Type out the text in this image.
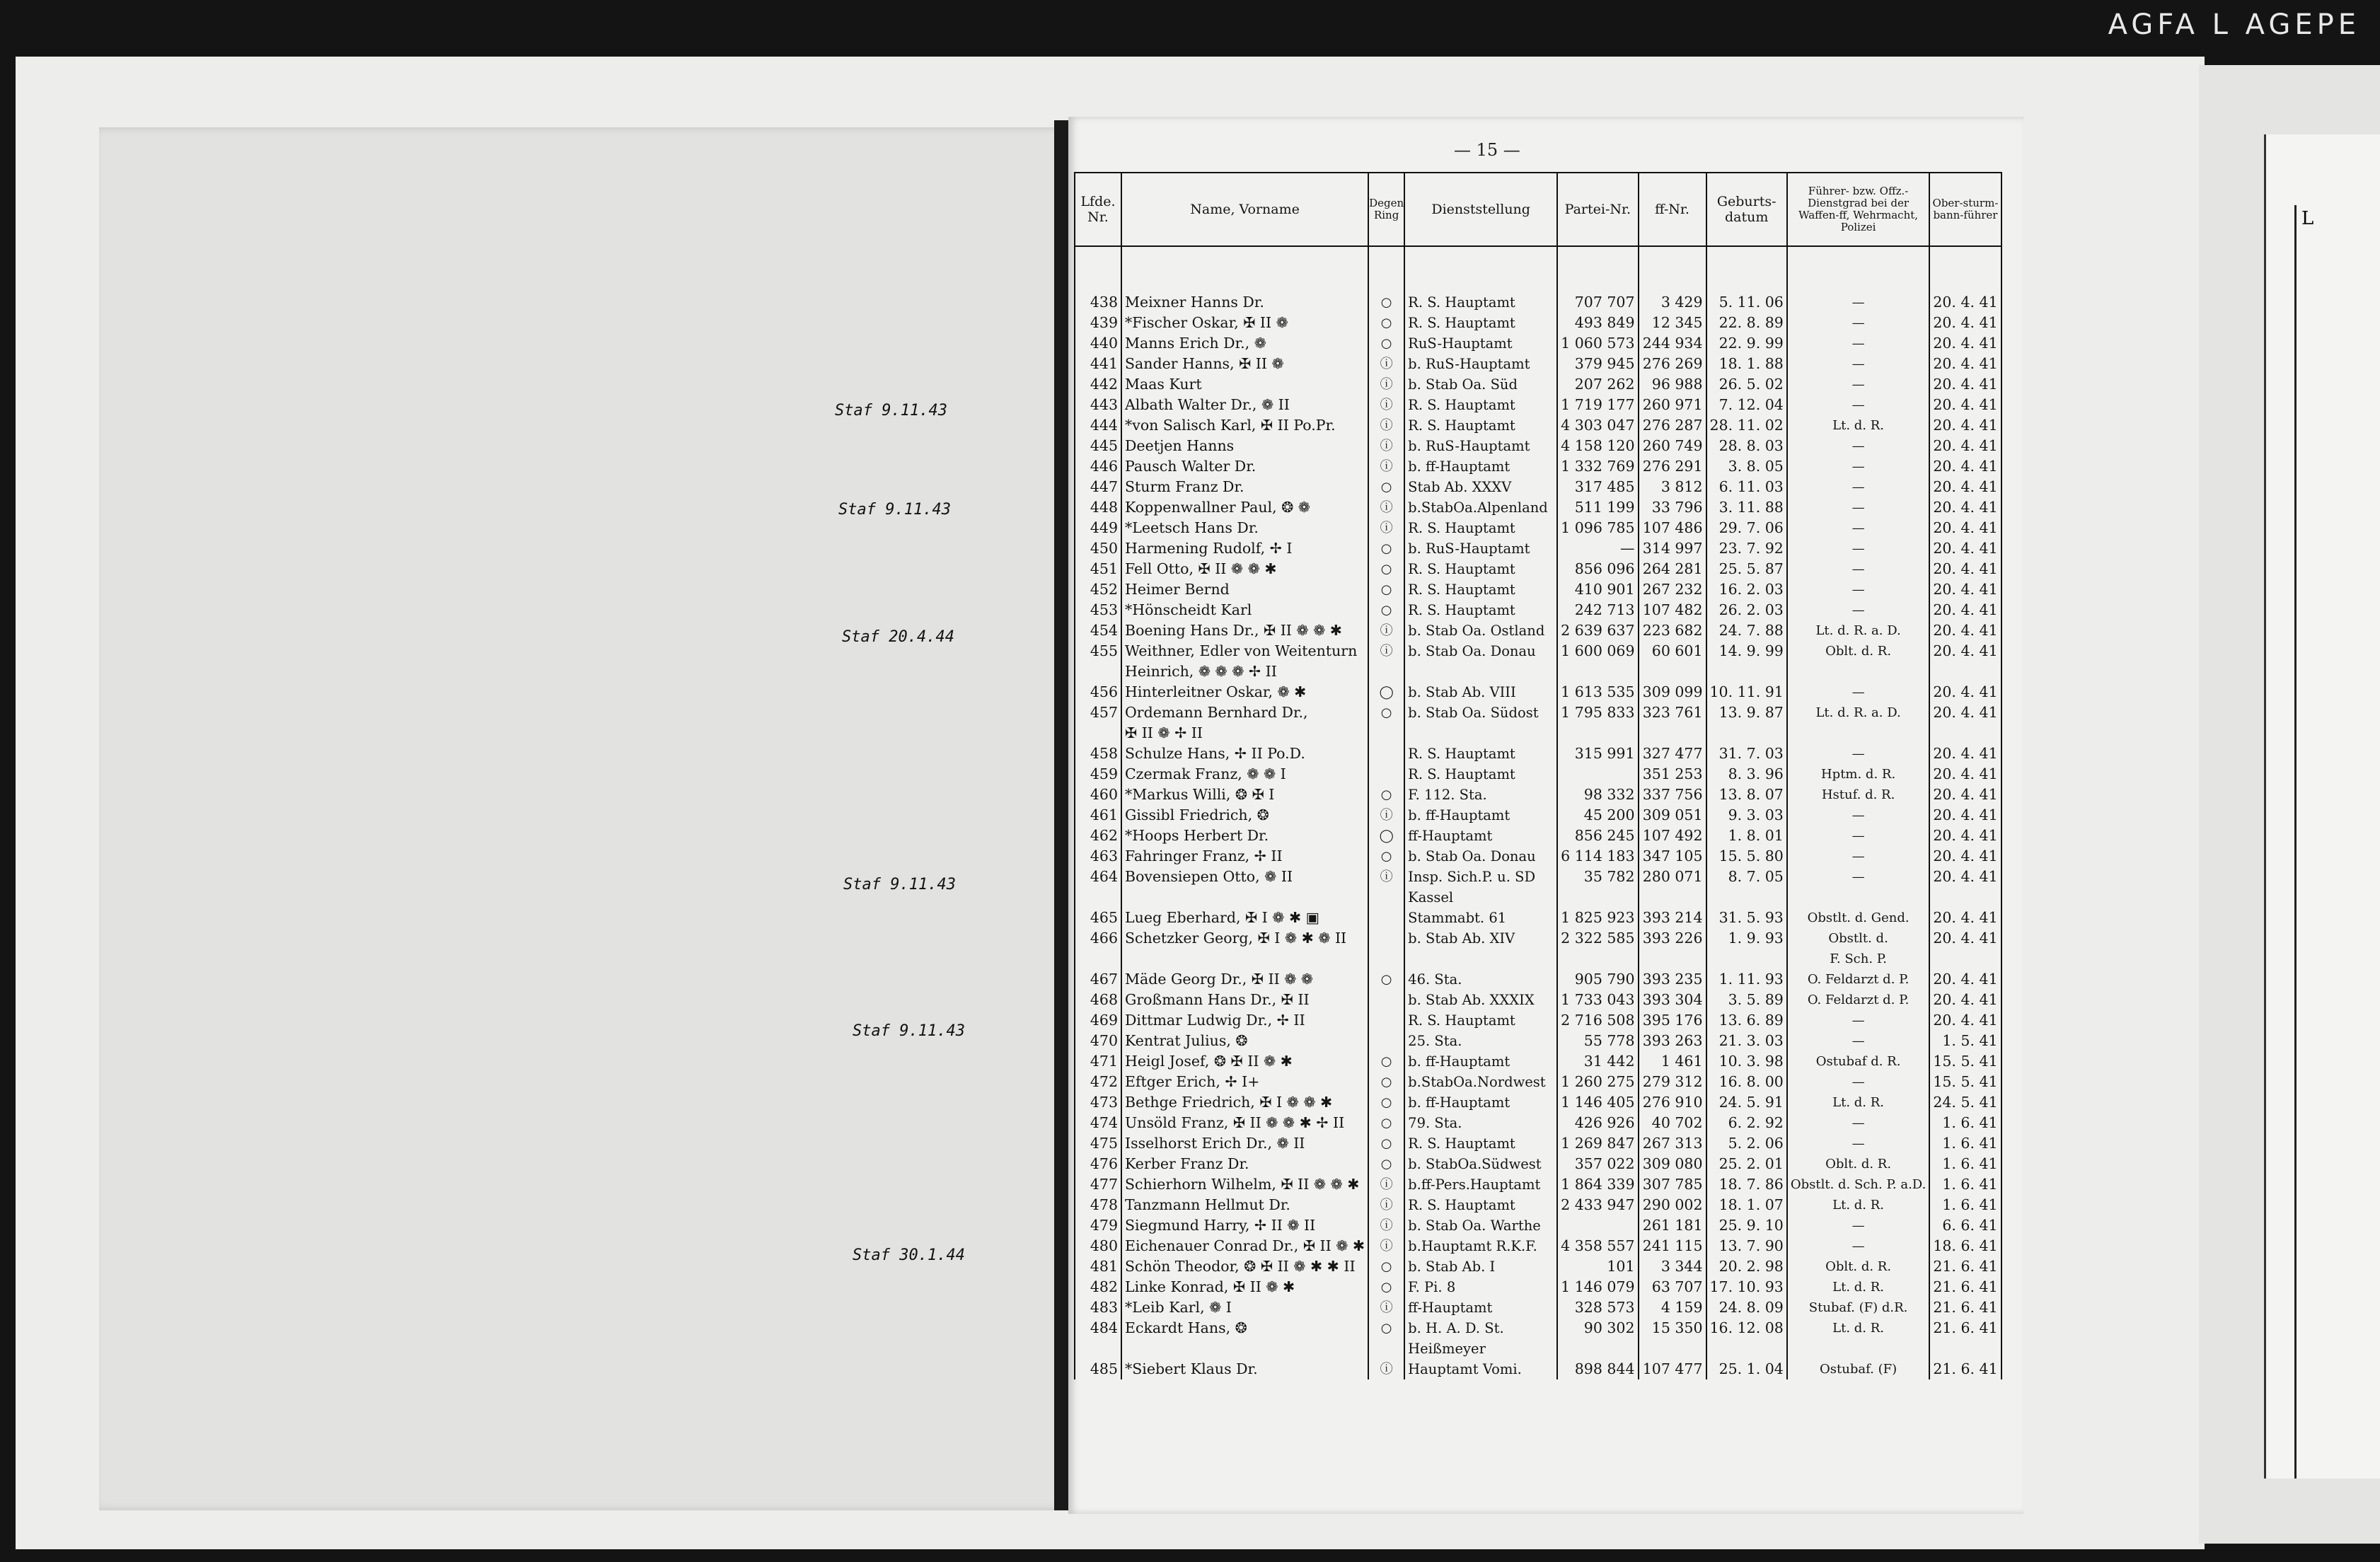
AGFA L AGEPE
L
Staf 9.11.43
Staf 9.11.43
Staf 20.4.44
Staf 9.11.43
Staf 9.11.43
Staf 30.1.44
— 15 —
Lfde. Nr.	Name, Vorname	Degen Ring	Dienststellung	Partei-Nr.	ff-Nr.	Geburts-datum	Führer- bzw. Offz.-Dienstgrad bei der Waffen-ff, Wehrmacht, Polizei	Ober-sturm-bann-führer

438	Meixner Hanns Dr.	○	R. S. Hauptamt	707 707	3 429	5. 11. 06	—	20. 4. 41
439	*Fischer Oskar, ✠ II ❁	○	R. S. Hauptamt	493 849	12 345	22. 8. 89	—	20. 4. 41
440	Manns Erich Dr., ❁	○	RuS-Hauptamt	1 060 573	244 934	22. 9. 99	—	20. 4. 41
441	Sander Hanns, ✠ II ❁	ⓘ	b. RuS-Hauptamt	379 945	276 269	18. 1. 88	—	20. 4. 41
442	Maas Kurt	ⓘ	b. Stab Oa. Süd	207 262	96 988	26. 5. 02	—	20. 4. 41
443	Albath Walter Dr., ❁ II	ⓘ	R. S. Hauptamt	1 719 177	260 971	7. 12. 04	—	20. 4. 41
444	*von Salisch Karl, ✠ II Po.Pr.	ⓘ	R. S. Hauptamt	4 303 047	276 287	28. 11. 02	Lt. d. R.	20. 4. 41
445	Deetjen Hanns	ⓘ	b. RuS-Hauptamt	4 158 120	260 749	28. 8. 03	—	20. 4. 41
446	Pausch Walter Dr.	ⓘ	b. ff-Hauptamt	1 332 769	276 291	3. 8. 05	—	20. 4. 41
447	Sturm Franz Dr.	○	Stab Ab. XXXV	317 485	3 812	6. 11. 03	—	20. 4. 41
448	Koppenwallner Paul, ❂ ❁	ⓘ	b.StabOa.Alpenland	511 199	33 796	3. 11. 88	—	20. 4. 41
449	*Leetsch Hans Dr.	ⓘ	R. S. Hauptamt	1 096 785	107 486	29. 7. 06	—	20. 4. 41
450	Harmening Rudolf, ✢ I	○	b. RuS-Hauptamt	—	314 997	23. 7. 92	—	20. 4. 41
451	Fell Otto, ✠ II ❁ ❁ ✱	○	R. S. Hauptamt	856 096	264 281	25. 5. 87	—	20. 4. 41
452	Heimer Bernd	○	R. S. Hauptamt	410 901	267 232	16. 2. 03	—	20. 4. 41
453	*Hönscheidt Karl	○	R. S. Hauptamt	242 713	107 482	26. 2. 03	—	20. 4. 41
454	Boening Hans Dr., ✠ II ❁ ❁ ✱	ⓘ	b. Stab Oa. Ostland	2 639 637	223 682	24. 7. 88	Lt. d. R. a. D.	20. 4. 41
455	Weithner, Edler von Weitenturn	ⓘ	b. Stab Oa. Donau	1 600 069	60 601	14. 9. 99	Oblt. d. R.	20. 4. 41
	Heinrich, ❁ ❁ ❁ ✢ II							
456	Hinterleitner Oskar, ❁ ✱	◯	b. Stab Ab. VIII	1 613 535	309 099	10. 11. 91	—	20. 4. 41
457	Ordemann Bernhard Dr.,	○	b. Stab Oa. Südost	1 795 833	323 761	13. 9. 87	Lt. d. R. a. D.	20. 4. 41
	✠ II ❁ ✢ II							
458	Schulze Hans, ✢ II Po.D.		R. S. Hauptamt	315 991	327 477	31. 7. 03	—	20. 4. 41
459	Czermak Franz, ❁ ❁ I		R. S. Hauptamt		351 253	8. 3. 96	Hptm. d. R.	20. 4. 41
460	*Markus Willi, ❂ ✠ I	○	F. 112. Sta.	98 332	337 756	13. 8. 07	Hstuf. d. R.	20. 4. 41
461	Gissibl Friedrich, ❂	ⓘ	b. ff-Hauptamt	45 200	309 051	9. 3. 03	—	20. 4. 41
462	*Hoops Herbert Dr.	◯	ff-Hauptamt	856 245	107 492	1. 8. 01	—	20. 4. 41
463	Fahringer Franz, ✢ II	○	b. Stab Oa. Donau	6 114 183	347 105	15. 5. 80	—	20. 4. 41
464	Bovensiepen Otto, ❁ II	ⓘ	Insp. Sich.P. u. SD	35 782	280 071	8. 7. 05	—	20. 4. 41
			Kassel					
465	Lueg Eberhard, ✠ I ❁ ✱ ▣		Stammabt. 61	1 825 923	393 214	31. 5. 93	Obstlt. d. Gend.	20. 4. 41
466	Schetzker Georg, ✠ I ❁ ✱ ❁ II		b. Stab Ab. XIV	2 322 585	393 226	1. 9. 93	Obstlt. d.	20. 4. 41
							F. Sch. P.	
467	Mäde Georg Dr., ✠ II ❁ ❁	○	46. Sta.	905 790	393 235	1. 11. 93	O. Feldarzt d. P.	20. 4. 41
468	Großmann Hans Dr., ✠ II		b. Stab Ab. XXXIX	1 733 043	393 304	3. 5. 89	O. Feldarzt d. P.	20. 4. 41
469	Dittmar Ludwig Dr., ✢ II		R. S. Hauptamt	2 716 508	395 176	13. 6. 89	—	20. 4. 41
470	Kentrat Julius, ❂		25. Sta.	55 778	393 263	21. 3. 03	—	1. 5. 41
471	Heigl Josef, ❂ ✠ II ❁ ✱	○	b. ff-Hauptamt	31 442	1 461	10. 3. 98	Ostubaf d. R.	15. 5. 41
472	Eftger Erich, ✢ I+	○	b.StabOa.Nordwest	1 260 275	279 312	16. 8. 00	—	15. 5. 41
473	Bethge Friedrich, ✠ I ❁ ❁ ✱	○	b. ff-Hauptamt	1 146 405	276 910	24. 5. 91	Lt. d. R.	24. 5. 41
474	Unsöld Franz, ✠ II ❁ ❁ ✱ ✢ II	○	79. Sta.	426 926	40 702	6. 2. 92	—	1. 6. 41
475	Isselhorst Erich Dr., ❁ II	○	R. S. Hauptamt	1 269 847	267 313	5. 2. 06	—	1. 6. 41
476	Kerber Franz Dr.	○	b. StabOa.Südwest	357 022	309 080	25. 2. 01	Oblt. d. R.	1. 6. 41
477	Schierhorn Wilhelm, ✠ II ❁ ❁ ✱	ⓘ	b.ff-Pers.Hauptamt	1 864 339	307 785	18. 7. 86	Obstlt. d. Sch. P. a.D.	1. 6. 41
478	Tanzmann Hellmut Dr.	ⓘ	R. S. Hauptamt	2 433 947	290 002	18. 1. 07	Lt. d. R.	1. 6. 41
479	Siegmund Harry, ✢ II ❁ II	ⓘ	b. Stab Oa. Warthe		261 181	25. 9. 10	—	6. 6. 41
480	Eichenauer Conrad Dr., ✠ II ❁ ✱	ⓘ	b.Hauptamt R.K.F.	4 358 557	241 115	13. 7. 90	—	18. 6. 41
481	Schön Theodor, ❂ ✠ II ❁ ✱ ✱ II	○	b. Stab Ab. I	101	3 344	20. 2. 98	Oblt. d. R.	21. 6. 41
482	Linke Konrad, ✠ II ❁ ✱	○	F. Pi. 8	1 146 079	63 707	17. 10. 93	Lt. d. R.	21. 6. 41
483	*Leib Karl, ❁ I	ⓘ	ff-Hauptamt	328 573	4 159	24. 8. 09	Stubaf. (F) d.R.	21. 6. 41
484	Eckardt Hans, ❂	○	b. H. A. D. St.	90 302	15 350	16. 12. 08	Lt. d. R.	21. 6. 41
			Heißmeyer					
485	*Siebert Klaus Dr.	ⓘ	Hauptamt Vomi.	898 844	107 477	25. 1. 04	Ostubaf. (F)	21. 6. 41
